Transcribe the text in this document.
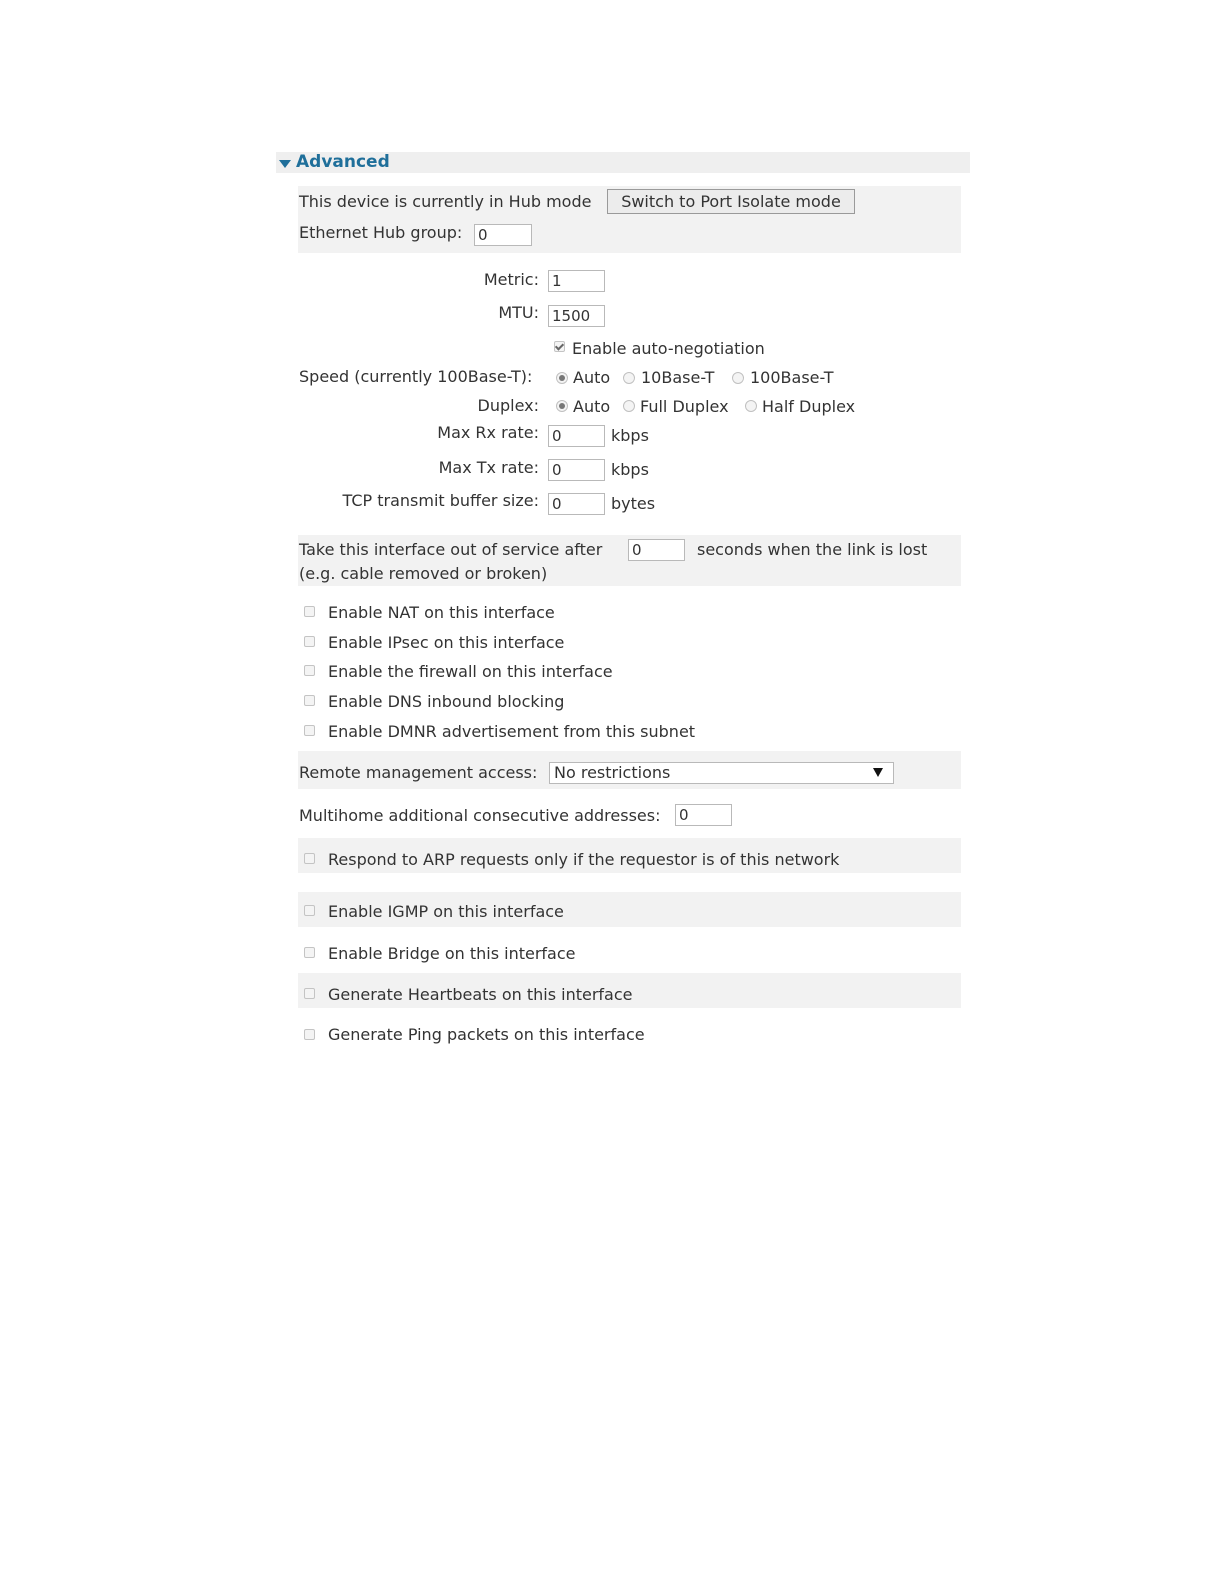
Advanced
This device is currently in Hub mode	Switch to Port Isolate mode
Ethernet Hub group:
0
Metric:
1
MTU:
1500
Enable auto-negotiation
Speed (currently 100Base-T):	Auto 10Base-T 100Base-T
Duplex: Auto Full Duplex Half Duplex
Max Rx rate:
0	kbps
Max Tx rate:
0	kbps
TCP transmit buffer size:
0	bytes
Take this interface out of service after
0	seconds when the link is lost
(e.g. cable removed or broken)
Enable NAT on this interface
Enable IPsec on this interface
Enable the firewall on this interface
Enable DNS inbound blocking
Enable DMNR advertisement from this subnet
Remote management access: No restrictions
Multihome additional consecutive addresses:
0
Respond to ARP requests only if the requestor is of this network
Enable IGMP on this interface
Enable Bridge on this interface
Generate Heartbeats on this interface
Generate Ping packets on this interface
